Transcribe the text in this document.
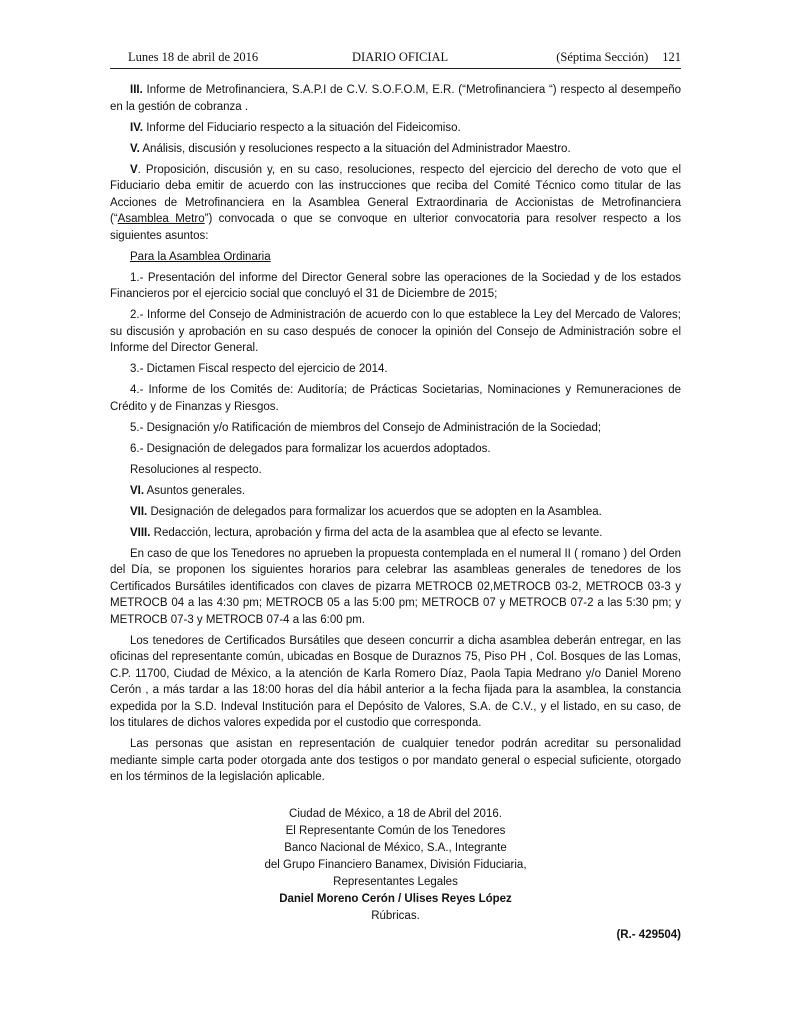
Lunes 18 de abril de 2016	DIARIO OFICIAL	(Séptima Sección) 121

III. Informe de Metrofinanciera, S.A.P.I de C.V. S.O.F.O.M, E.R. (“Metrofinanciera “) respecto al desempeño en la gestión de cobranza .

IV. Informe del Fiduciario respecto a la situación del Fideicomiso.

V. Análisis, discusión y resoluciones respecto a la situación del Administrador Maestro.

V. Proposición, discusión y, en su caso, resoluciones, respecto del ejercicio del derecho de voto que el Fiduciario deba emitir de acuerdo con las instrucciones que reciba del Comité Técnico como titular de las Acciones de Metrofinanciera en la Asamblea General Extraordinaria de Accionistas de Metrofinanciera (“Asamblea Metro”) convocada o que se convoque en ulterior convocatoria para resolver respecto a los siguientes asuntos:

Para la Asamblea Ordinaria

1.- Presentación del informe del Director General sobre las operaciones de la Sociedad y de los estados Financieros por el ejercicio social que concluyó el 31 de Diciembre de 2015;

2.- Informe del Consejo de Administración de acuerdo con lo que establece la Ley del Mercado de Valores; su discusión y aprobación en su caso después de conocer la opinión del Consejo de Administración sobre el Informe del Director General.

3.- Dictamen Fiscal respecto del ejercicio de 2014.

4.- Informe de los Comités de: Auditoría; de Prácticas Societarias, Nominaciones y Remuneraciones de Crédito y de Finanzas y Riesgos.

5.- Designación y/o Ratificación de miembros del Consejo de Administración de la Sociedad;

6.- Designación de delegados para formalizar los acuerdos adoptados.

Resoluciones al respecto.

VI. Asuntos generales.

VII. Designación de delegados para formalizar los acuerdos que se adopten en la Asamblea.

VIII. Redacción, lectura, aprobación y firma del acta de la asamblea que al efecto se levante.

En caso de que los Tenedores no aprueben la propuesta contemplada en el numeral II ( romano ) del Orden del Día, se proponen los siguientes horarios para celebrar las asambleas generales de tenedores de los Certificados Bursátiles identificados con claves de pizarra METROCB 02,METROCB 03-2, METROCB 03-3 y METROCB 04 a las 4:30 pm; METROCB 05 a las 5:00 pm; METROCB 07 y METROCB 07-2 a las 5:30 pm; y METROCB 07-3 y METROCB 07-4 a las 6:00 pm.

Los tenedores de Certificados Bursátiles que deseen concurrir a dicha asamblea deberán entregar, en las oficinas del representante común, ubicadas en Bosque de Duraznos 75, Piso PH , Col. Bosques de las Lomas, C.P. 11700, Ciudad de México, a la atención de Karla Romero Díaz, Paola Tapia Medrano y/o Daniel Moreno Cerón , a más tardar a las 18:00 horas del día hábil anterior a la fecha fijada para la asamblea, la constancia expedida por la S.D. Indeval Institución para el Depósito de Valores, S.A. de C.V., y el listado, en su caso, de los titulares de dichos valores expedida por el custodio que corresponda.

Las personas que asistan en representación de cualquier tenedor podrán acreditar su personalidad mediante simple carta poder otorgada ante dos testigos o por mandato general o especial suficiente, otorgado en los términos de la legislación aplicable.

Ciudad de México, a 18 de Abril del 2016.
El Representante Común de los Tenedores
Banco Nacional de México, S.A., Integrante
del Grupo Financiero Banamex, División Fiduciaria,
Representantes Legales
Daniel Moreno Cerón / Ulises Reyes López
Rúbricas.
(R.- 429504)
